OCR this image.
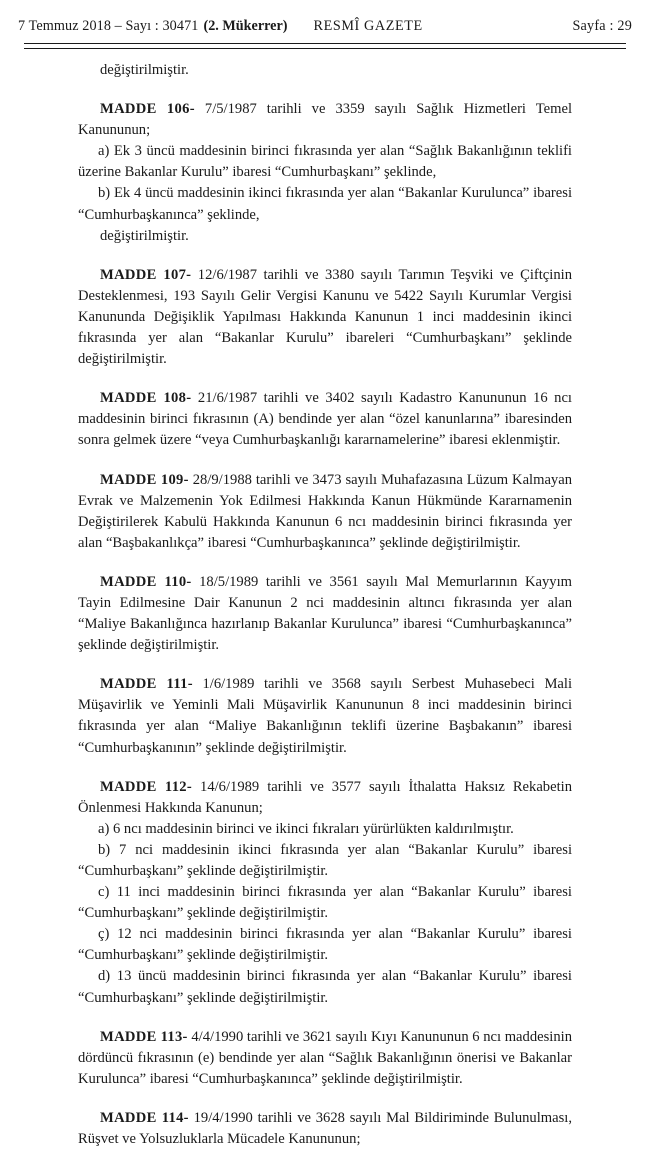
7 Temmuz 2018 – Sayı : 30471 (2. Mükerrer) RESMÎ GAZETE	Sayfa : 29

değiştirilmiştir.

MADDE 106- 7/5/1987 tarihli ve 3359 sayılı Sağlık Hizmetleri Temel Kanununun;

a) Ek 3 üncü maddesinin birinci fıkrasında yer alan “Sağlık Bakanlığının teklifi üzerine Bakanlar Kurulu” ibaresi “Cumhurbaşkanı” şeklinde,

b) Ek 4 üncü maddesinin ikinci fıkrasında yer alan “Bakanlar Kurulunca” ibaresi “Cumhurbaşkanınca” şeklinde,

değiştirilmiştir.

MADDE 107- 12/6/1987 tarihli ve 3380 sayılı Tarımın Teşviki ve Çiftçinin Desteklenmesi, 193 Sayılı Gelir Vergisi Kanunu ve 5422 Sayılı Kurumlar Vergisi Kanununda Değişiklik Yapılması Hakkında Kanunun 1 inci maddesinin ikinci fıkrasında yer alan “Bakanlar Kurulu” ibareleri “Cumhurbaşkanı” şeklinde değiştirilmiştir.

MADDE 108- 21/6/1987 tarihli ve 3402 sayılı Kadastro Kanununun 16 ncı maddesinin birinci fıkrasının (A) bendinde yer alan “özel kanunlarına” ibaresinden sonra gelmek üzere “veya Cumhurbaşkanlığı kararnamelerine” ibaresi eklenmiştir.

MADDE 109- 28/9/1988 tarihli ve 3473 sayılı Muhafazasına Lüzum Kalmayan Evrak ve Malzemenin Yok Edilmesi Hakkında Kanun Hükmünde Kararnamenin Değiştirilerek Kabulü Hakkında Kanunun 6 ncı maddesinin birinci fıkrasında yer alan “Başbakanlıkça” ibaresi “Cumhurbaşkanınca” şeklinde değiştirilmiştir.

MADDE 110- 18/5/1989 tarihli ve 3561 sayılı Mal Memurlarının Kayyım Tayin Edilmesine Dair Kanunun 2 nci maddesinin altıncı fıkrasında yer alan “Maliye Bakanlığınca hazırlanıp Bakanlar Kurulunca” ibaresi “Cumhurbaşkanınca” şeklinde değiştirilmiştir.

MADDE 111- 1/6/1989 tarihli ve 3568 sayılı Serbest Muhasebeci Mali Müşavirlik ve Yeminli Mali Müşavirlik Kanununun 8 inci maddesinin birinci fıkrasında yer alan “Maliye Bakanlığının teklifi üzerine Başbakanın” ibaresi “Cumhurbaşkanının” şeklinde değiştirilmiştir.

MADDE 112- 14/6/1989 tarihli ve 3577 sayılı İthalatta Haksız Rekabetin Önlenmesi Hakkında Kanunun;

a) 6 ncı maddesinin birinci ve ikinci fıkraları yürürlükten kaldırılmıştır.

b) 7 nci maddesinin ikinci fıkrasında yer alan “Bakanlar Kurulu” ibaresi “Cumhurbaşkanı” şeklinde değiştirilmiştir.

c) 11 inci maddesinin birinci fıkrasında yer alan “Bakanlar Kurulu” ibaresi “Cumhurbaşkanı” şeklinde değiştirilmiştir.

ç) 12 nci maddesinin birinci fıkrasında yer alan “Bakanlar Kurulu” ibaresi “Cumhurbaşkanı” şeklinde değiştirilmiştir.

d) 13 üncü maddesinin birinci fıkrasında yer alan “Bakanlar Kurulu” ibaresi “Cumhurbaşkanı” şeklinde değiştirilmiştir.

MADDE 113- 4/4/1990 tarihli ve 3621 sayılı Kıyı Kanununun 6 ncı maddesinin dördüncü fıkrasının (e) bendinde yer alan “Sağlık Bakanlığının önerisi ve Bakanlar Kurulunca” ibaresi “Cumhurbaşkanınca” şeklinde değiştirilmiştir.

MADDE 114- 19/4/1990 tarihli ve 3628 sayılı Mal Bildiriminde Bulunulması, Rüşvet ve Yolsuzluklarla Mücadele Kanununun;
